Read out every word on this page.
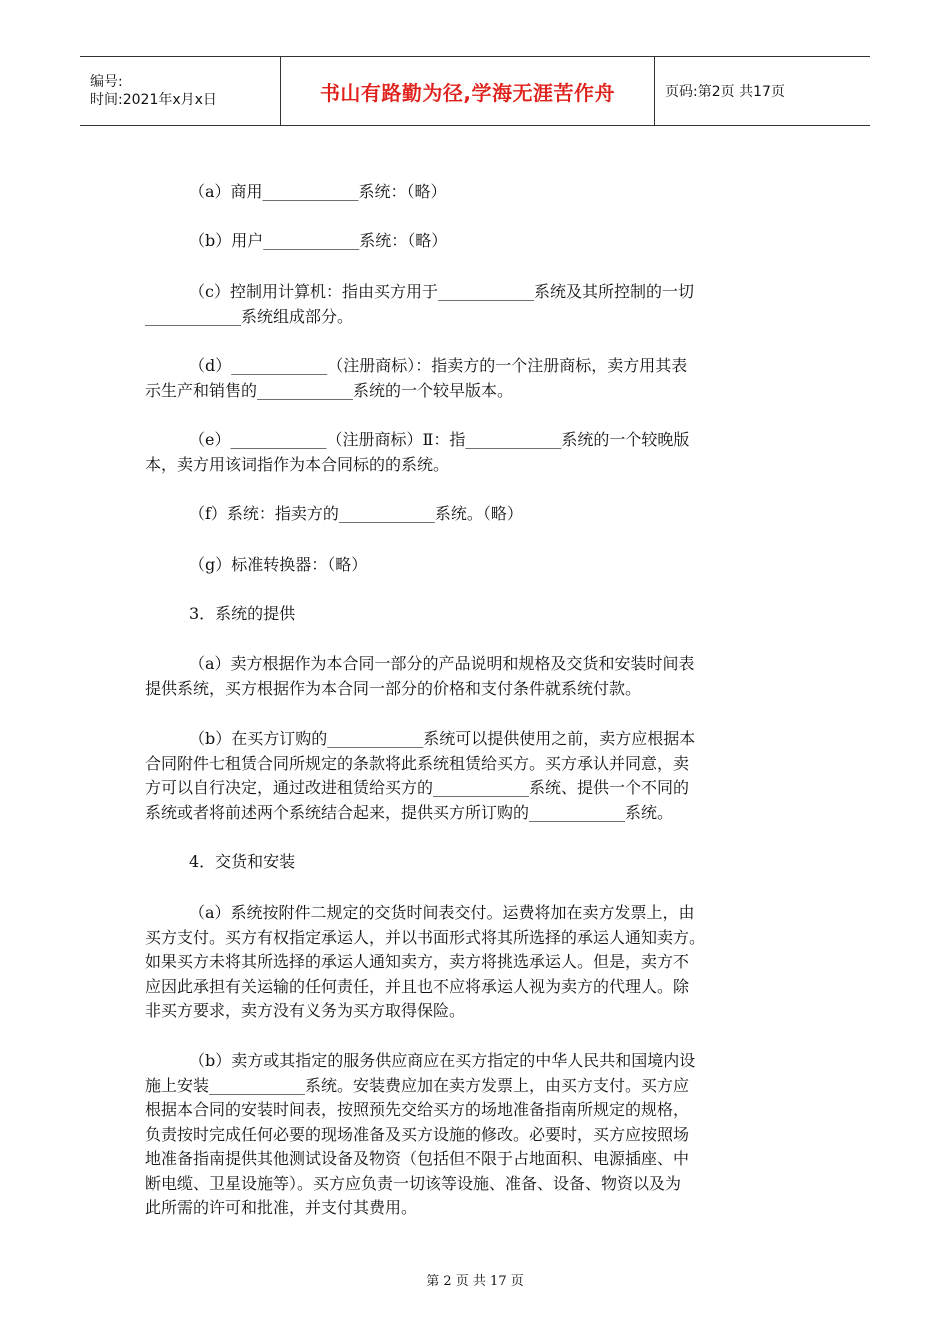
编号:
时间:2021年x月x日	书山有路勤为径,学海无涯苦作舟	页码:第2页 共17页
（a）商用____________系统：（略）
（b）用户____________系统：（略）
（c）控制用计算机：指由买方用于____________系统及其所控制的一切
____________系统组成部分。
（d）____________（注册商标）：指卖方的一个注册商标，卖方用其表
示生产和销售的____________系统的一个较早版本。
（e）____________（注册商标）Ⅱ：指____________系统的一个较晚版
本，卖方用该词指作为本合同标的的系统。
（f）系统：指卖方的____________系统。（略）
（g）标准转换器：（略）
3．系统的提供
（a）卖方根据作为本合同一部分的产品说明和规格及交货和安装时间表
提供系统，买方根据作为本合同一部分的价格和支付条件就系统付款。
（b）在买方订购的____________系统可以提供使用之前，卖方应根据本
合同附件七租赁合同所规定的条款将此系统租赁给买方。买方承认并同意，卖
方可以自行决定，通过改进租赁给买方的____________系统、提供一个不同的
系统或者将前述两个系统结合起来，提供买方所订购的____________系统。
4．交货和安装
（a）系统按附件二规定的交货时间表交付。运费将加在卖方发票上，由
买方支付。买方有权指定承运人，并以书面形式将其所选择的承运人通知卖方。
如果买方未将其所选择的承运人通知卖方，卖方将挑选承运人。但是，卖方不
应因此承担有关运输的任何责任，并且也不应将承运人视为卖方的代理人。除
非买方要求，卖方没有义务为买方取得保险。
（b）卖方或其指定的服务供应商应在买方指定的中华人民共和国境内设
施上安装____________系统。安装费应加在卖方发票上，由买方支付。买方应
根据本合同的安装时间表，按照预先交给买方的场地准备指南所规定的规格，
负责按时完成任何必要的现场准备及买方设施的修改。必要时，买方应按照场
地准备指南提供其他测试设备及物资（包括但不限于占地面积、电源插座、中
断电缆、卫星设施等）。买方应负责一切该等设施、准备、设备、物资以及为
此所需的许可和批准，并支付其费用。
第 2 页 共 17 页
